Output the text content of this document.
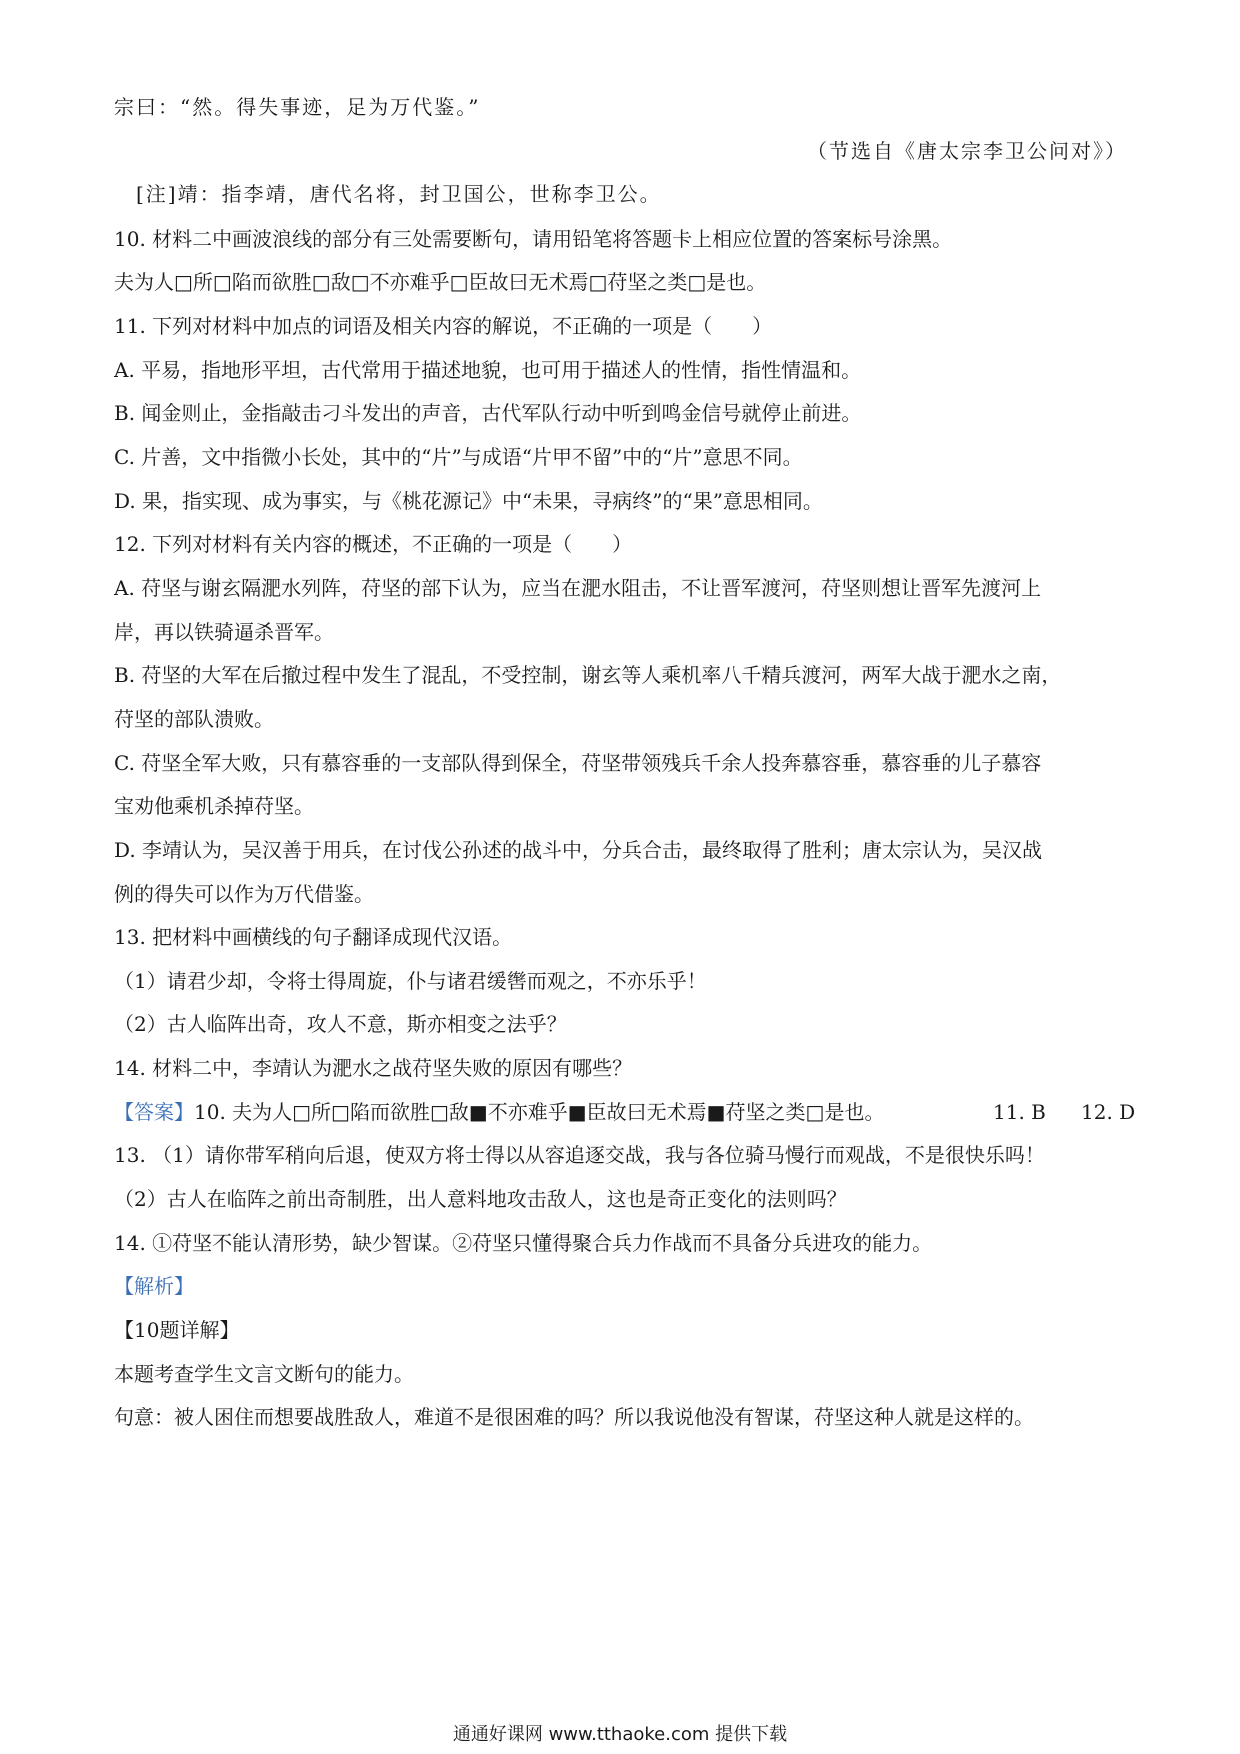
宗曰：“然。得失事迹，足为万代鉴。”
（节选自《唐太宗李卫公问对》）
[注]靖：指李靖，唐代名将，封卫国公，世称李卫公。
10. 材料二中画波浪线的部分有三处需要断句，请用铅笔将答题卡上相应位置的答案标号涂黑。
夫为人□所□陷而欲胜□敌□不亦难乎□臣故曰无术焉□苻坚之类□是也。
11. 下列对材料中加点的词语及相关内容的解说，不正确的一项是（　　）
A. 平易，指地形平坦，古代常用于描述地貌，也可用于描述人的性情，指性情温和。
B. 闻金则止，金指敲击刁斗发出的声音，古代军队行动中听到鸣金信号就停止前进。
C. 片善，文中指微小长处，其中的“片”与成语“片甲不留”中的“片”意思不同。
D. 果，指实现、成为事实，与《桃花源记》中“未果，寻病终”的“果”意思相同。
12. 下列对材料有关内容的概述，不正确的一项是（　　）
A. 苻坚与谢玄隔淝水列阵，苻坚的部下认为，应当在淝水阻击，不让晋军渡河，苻坚则想让晋军先渡河上
岸，再以铁骑逼杀晋军。
B. 苻坚的大军在后撤过程中发生了混乱，不受控制，谢玄等人乘机率八千精兵渡河，两军大战于淝水之南，
苻坚的部队溃败。
C. 苻坚全军大败，只有慕容垂的一支部队得到保全，苻坚带领残兵千余人投奔慕容垂，慕容垂的儿子慕容
宝劝他乘机杀掉苻坚。
D. 李靖认为，吴汉善于用兵，在讨伐公孙述的战斗中，分兵合击，最终取得了胜利；唐太宗认为，吴汉战
例的得失可以作为万代借鉴。
13. 把材料中画横线的句子翻译成现代汉语。
（1）请君少却，令将士得周旋，仆与诸君缓辔而观之，不亦乐乎！
（2）古人临阵出奇，攻人不意，斯亦相变之法乎？
14. 材料二中，李靖认为淝水之战苻坚失败的原因有哪些？
【答案】10. 夫为人□所□陷而欲胜□敌■不亦难乎■臣故曰无术焉■苻坚之类□是也。	11. B 12. D
13. （1）请你带军稍向后退，使双方将士得以从容追逐交战，我与各位骑马慢行而观战，不是很快乐吗！
（2）古人在临阵之前出奇制胜，出人意料地攻击敌人，这也是奇正变化的法则吗？
14. ①苻坚不能认清形势，缺少智谋。②苻坚只懂得聚合兵力作战而不具备分兵进攻的能力。
【解析】
【10题详解】
本题考查学生文言文断句的能力。
句意：被人困住而想要战胜敌人，难道不是很困难的吗？所以我说他没有智谋，苻坚这种人就是这样的。
通通好课网 www.tthaoke.com 提供下载
